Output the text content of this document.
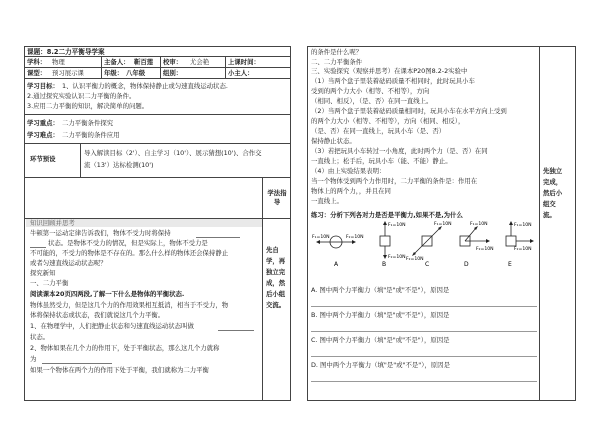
课题：8.2二力平衡导学案
学科： 物理	主备人： 靳百莲 校审： 尤会艳	上课时间：
课型： 预习展示课	年级： 八年级	组别：	小主人：
学习目标： 1、认识平衡力的概念，物体保持静止或匀速直线运动状态.
2.通过探究实验认识二力平衡的条件。
3.应用二力平衡的知识，解决简单的问题。
学习重点： 二力平衡条件探究
学习难点： 二力平衡的条件应用
环节预设
导入解读目标（2'）、自主学习（10'）、展示猜想(10')、合作交
流（13'）达标检测(10')
学法指导
知识回顾并思考
牛顿第一运动定律告诉我们，物体不受力时将保持
状态。是物体不受力的情况，但是实际上，物体不受力是
不可能的，不受力的物体是不存在的。那么什么样的物体还会保持静止
或者匀速直线运动状态呢？
探究新知
一、二力平衡
阅读课本20页四两段,了解一下什么是物体的平衡状态.
物体虽然受力，但是这几个力的作用效果相互抵消，相当于不受力，物
体将保持状态或状态，我们就说这几个力平衡。
1、在物理学中，人们把静止状态和匀速直线运动状态叫做
状态。
2、物体如果在几个力的作用下，处于平衡状态，那么这几个力就称
为
如果一个物体在两个力的作用下处于平衡，我们就称为二力平衡
先自
学，再
独立完
成，然
后小组
交流。
的条件是什么呢？
二、二力平衡条件
三、实验探究（观察并思考）在课本P20图8.2-2实验中
（1）当两个盘子里装着砝码质量不相同时，此时玩具小车
受到的两个力大小（相等、不相等），方向
（相同、相反），（是、否）在同一直线上。
（2）当两个盘子里装着砝码质量相同时，玩具小车在水平方向上受到
的两个力大小（相等、不相等），方向（相同、相反），
（是、否）在同一直线上，玩具小车（是、否）
保持静止状态。
（3）若把玩具小车转过一小角度，此时两个力（是、否）在同
一直线上；松手后，玩具小车（能、不能）静止。
（4）由上实验结果表明：
当一个物体受到两个力作用时，二力平衡的条件是：作用在
物体上的两个力，，并且在同
一直线上。
先独立
完成，
然后小
组交
流。
练习：分析下列各对力是否是平衡力,如果不是,为什么
F₁=10N	F₂=10N
A
F₁=10N
F₂=10N
B
F₁=10N
F₂=10N
C
F₁=10N
F₂=10N
D
F₁=10N
F₂=10N
E
A. 图中两个力平衡力（填"是"或"不是"），原因是
B. 图中两个力平衡力（填"是"或"不是"），原因是
C. 图中两个力平衡力（填"是"或"不是"），原因是
D. 图中两个力平衡力（填"是"或"不是"），原因是
